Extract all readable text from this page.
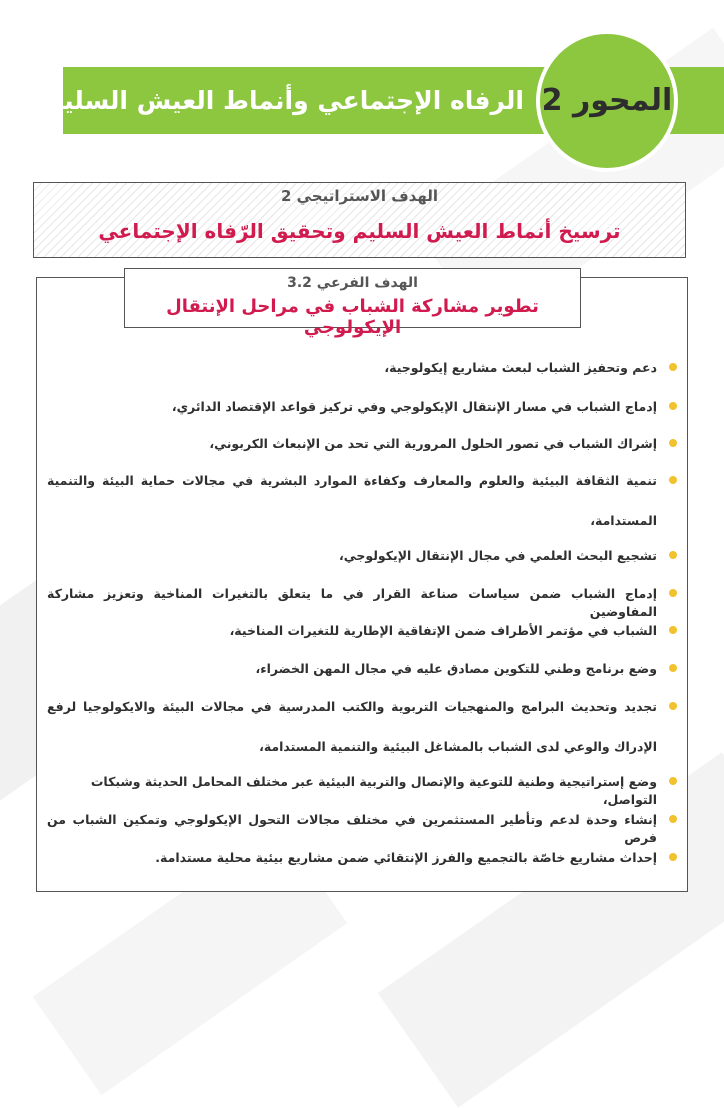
الرفاه الإجتماعي وأنماط العيش السليم المحور 2
الهدف الاستراتيجي 2
ترسيخ أنماط العيش السليم وتحقيق الرّفاه الإجتماعي
الهدف الفرعي 3.2
تطوير مشاركة الشباب في مراحل الإنتقال الإيكولوجي
دعم وتحفيز الشباب لبعث مشاريع إيكولوجية،
إدماج الشباب في مسار الإنتقال الإيكولوجي وفي تركيز قواعد الإقتصاد الدائري،
إشراك الشباب في تصور الحلول المرورية التي تحد من الإنبعاث الكربوني،
تنمية الثقافة البيئية والعلوم والمعارف وكفاءة الموارد البشرية في مجالات حماية البيئة والتنمية
المستدامة،
تشجيع البحث العلمي في مجال الإنتقال الإيكولوجي،
إدماج الشباب ضمن سياسات صناعة القرار في ما يتعلق بالتغيرات المناخية وتعزيز مشاركة المفاوضين
الشباب في مؤتمر الأطراف ضمن الإتفاقية الإطارية للتغيرات المناخية،
وضع برنامج وطني للتكوين مصادق عليه في مجال المهن الخضراء،
تجديد وتحديث البرامج والمنهجيات التربوية والكتب المدرسية في مجالات البيئة والايكولوجيا لرفع
الإدراك والوعي لدى الشباب بالمشاغل البيئية والتنمية المستدامة،
وضع إستراتيجية وطنية للتوعية والإتصال والتربية البيئية عبر مختلف المحامل الحديثة وشبكات التواصل،
إنشاء وحدة لدعم وتأطير المستثمرين في مختلف مجالات التحول الإيكولوجي وتمكين الشباب من فرص
إحداث مشاريع خاصّة بالتجميع والفرز الإنتقائي ضمن مشاريع بيئية محلية مستدامة.
